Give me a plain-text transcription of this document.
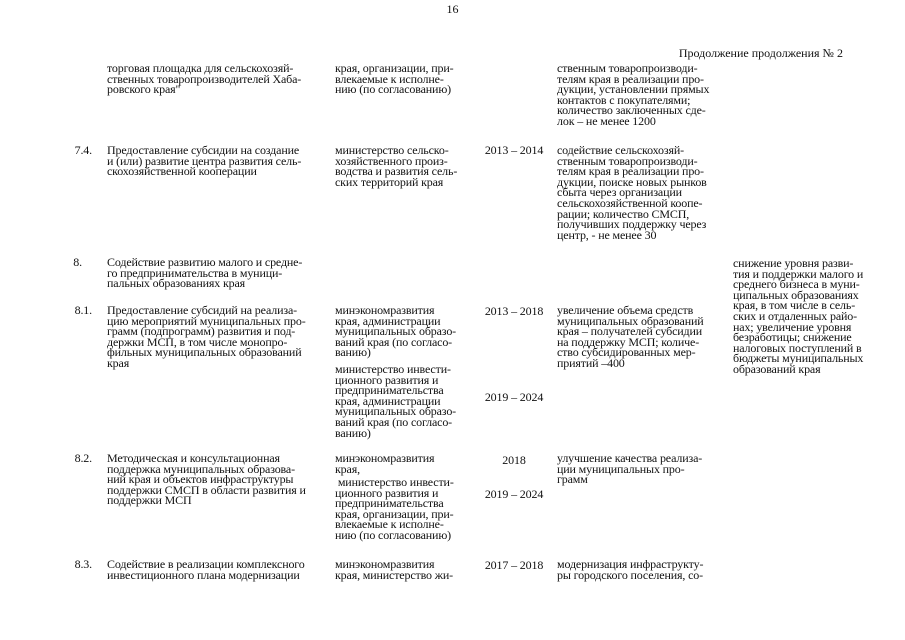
16
Продолжение продолжения № 2
торговая площадка для сельскохозяй-
ственных товаропроизводителей Хаба-
ровского края"
края, организации, при-
влекаемые к исполне-
нию (по согласованию)
ственным товаропроизводи-
телям края в реализации про-
дукции, установлении прямых
контактов с покупателями;
количество заключенных сде-
лок – не менее 1200
7.4. Предоставление субсидии на создание
и (или) развитие центра развития сель-
скохозяйственной кооперации
министерство сельско-
хозяйственного произ-
водства и развития сель-
ских территорий края
2013 – 2014	содействие сельскохозяй-
ственным товаропроизводи-
телям края в реализации про-
дукции, поиске новых рынков
сбыта через организации
сельскохозяйственной коопе-
рации; количество СМСП,
получивших поддержку через
центр, - не менее 30
8. Содействие развитию малого и средне-
го предпринимательства в муници-
пальных образованиях края
снижение уровня разви-
тия и поддержки малого и
среднего бизнеса в муни-
ципальных образованиях
края, в том числе в сель-
ских и отдаленных райо-
нах; увеличение уровня
безработицы; снижение
налоговых поступлений в
бюджеты муниципальных
образований края
8.1. Предоставление субсидий на реализа-
цию мероприятий муниципальных про-
грамм (подпрограмм) развития и под-
держки МСП, в том числе монопро-
фильных муниципальных образований
края
минэкономразвития
края, администрации
муниципальных образо-
ваний края (по согласо-
ванию)
министерство инвести-
ционного развития и
предпринимательства
края, администрации
муниципальных образо-
ваний края (по согласо-
ванию)
2013 – 2018
2019 – 2024
увеличение объема средств
муниципальных образований
края – получателей субсидии
на поддержку МСП; количе-
ство субсидированных мер-
приятий –400
8.2. Методическая и консультационная
поддержка муниципальных образова-
ний края и объектов инфраструктуры
поддержки СМСП в области развития и
поддержки МСП
минэкономразвития
края,
министерство инвести-
ционного развития и
предпринимательства
края, организации, при-
влекаемые к исполне-
нию (по согласованию)
2018
2019 – 2024
улучшение качества реализа-
ции муниципальных про-
грамм
8.3. Содействие в реализации комплексного
инвестиционного плана модернизации
минэкономразвития
края, министерство жи-
2017 – 2018	модернизация инфраструкту-
ры городского поселения, со-
